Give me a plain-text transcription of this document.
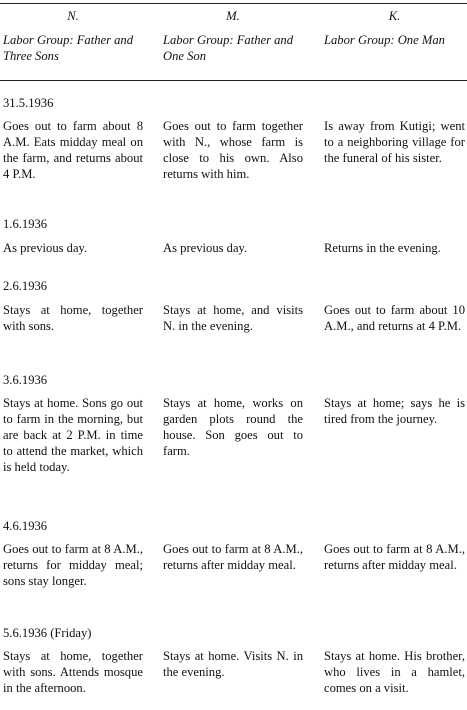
N.
Labor Group: Father and Three Sons
M.
Labor Group: Father and One Son
K.
Labor Group: One Man
31.5.1936
Goes out to farm about 8 A.M. Eats midday meal on the farm, and returns about 4 P.M.
Goes out to farm together with N., whose farm is close to his own. Also returns with him.
Is away from Kutigi; went to a neighboring village for the funeral of his sister.
1.6.1936
As previous day.	As previous day.	Returns in the evening.
2.6.1936
Stays at home, together with sons.
Stays at home, and visits N. in the evening.
Goes out to farm about 10 A.M., and returns at 4 P.M.
3.6.1936
Stays at home. Sons go out to farm in the morning, but are back at 2 P.M. in time to attend the market, which is held today.
Stays at home, works on garden plots round the house. Son goes out to farm.
Stays at home; says he is tired from the journey.
4.6.1936
Goes out to farm at 8 A.M., returns for midday meal; sons stay longer.
Goes out to farm at 8 A.M., returns after midday meal.
Goes out to farm at 8 A.M., returns after midday meal.
5.6.1936 (Friday)
Stays at home, together with sons. Attends mosque in the afternoon.
Stays at home. Visits N. in the evening.
Stays at home. His brother, who lives in a hamlet, comes on a visit.
